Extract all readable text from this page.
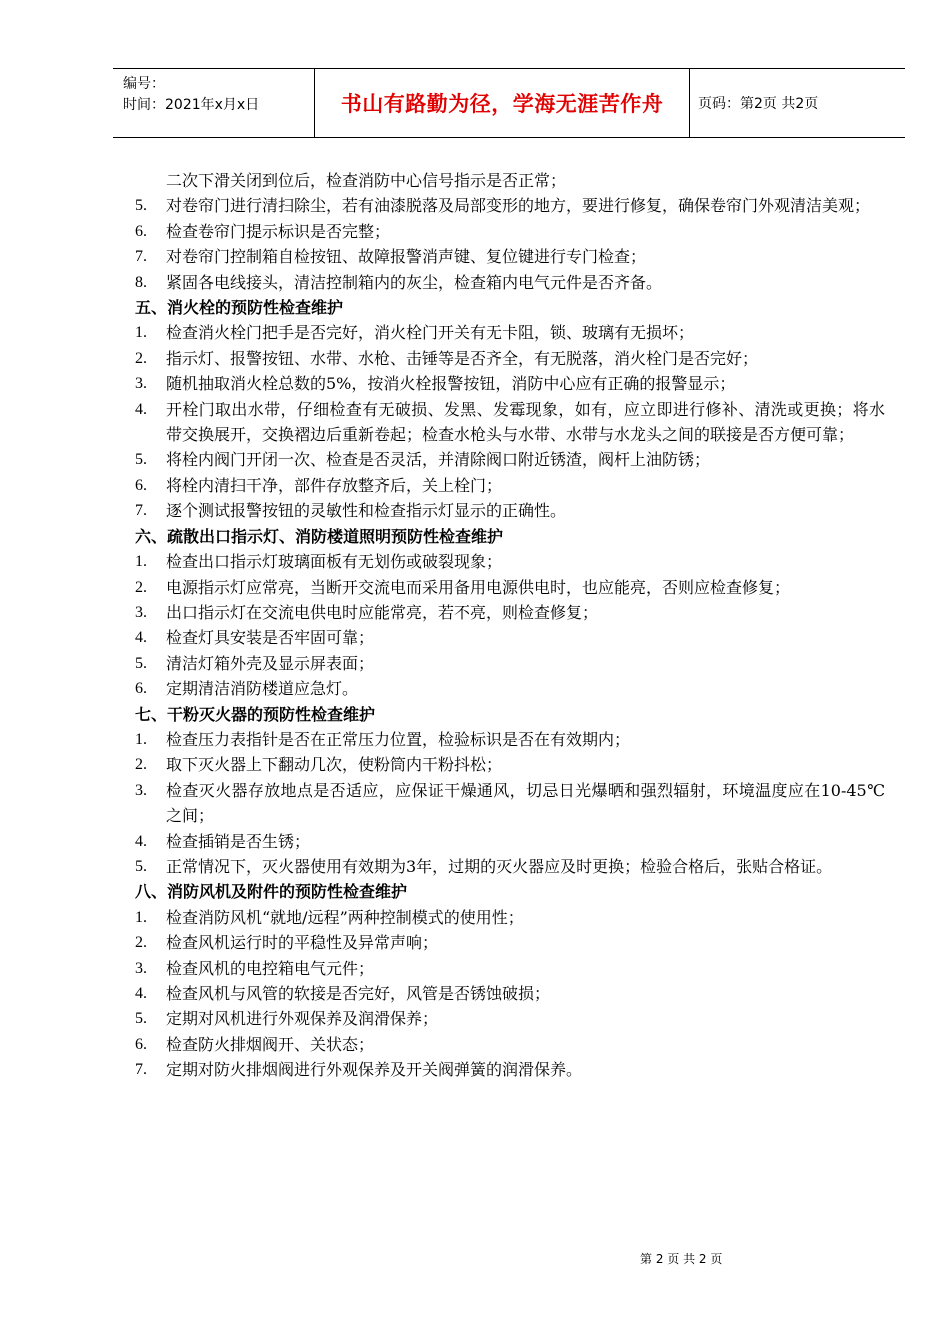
编号：
时间：2021年x月x日	书山有路勤为径，学海无涯苦作舟	页码：第2页 共2页
二次下滑关闭到位后，检查消防中心信号指示是否正常；
5.	对卷帘门进行清扫除尘，若有油漆脱落及局部变形的地方，要进行修复，确保卷帘门外观清洁美观；
6.	检查卷帘门提示标识是否完整；
7.	对卷帘门控制箱自检按钮、故障报警消声键、复位键进行专门检查；
8.	紧固各电线接头，清洁控制箱内的灰尘，检查箱内电气元件是否齐备。
五、消火栓的预防性检查维护
1.	检查消火栓门把手是否完好，消火栓门开关有无卡阻，锁、玻璃有无损坏；
2.	指示灯、报警按钮、水带、水枪、击锤等是否齐全，有无脱落，消火栓门是否完好；
3.	随机抽取消火栓总数的5%，按消火栓报警按钮，消防中心应有正确的报警显示；
4.	开栓门取出水带，仔细检查有无破损、发黑、发霉现象，如有，应立即进行修补、清洗或更换；将水带交换展开，交换褶边后重新卷起；检查水枪头与水带、水带与水龙头之间的联接是否方便可靠；
5.	将栓内阀门开闭一次、检查是否灵活，并清除阀口附近锈渣，阀杆上油防锈；
6.	将栓内清扫干净，部件存放整齐后，关上栓门；
7.	逐个测试报警按钮的灵敏性和检查指示灯显示的正确性。
六、疏散出口指示灯、消防楼道照明预防性检查维护
1.	检查出口指示灯玻璃面板有无划伤或破裂现象；
2.	电源指示灯应常亮，当断开交流电而采用备用电源供电时，也应能亮，否则应检查修复；
3.	出口指示灯在交流电供电时应能常亮，若不亮，则检查修复；
4.	检查灯具安装是否牢固可靠；
5.	清洁灯箱外壳及显示屏表面；
6.	定期清洁消防楼道应急灯。
七、干粉灭火器的预防性检查维护
1.	检查压力表指针是否在正常压力位置，检验标识是否在有效期内；
2.	取下灭火器上下翻动几次，使粉筒内干粉抖松；
3.	检查灭火器存放地点是否适应，应保证干燥通风，切忌日光爆晒和强烈辐射，环境温度应在10-45℃之间；
4.	检查插销是否生锈；
5.	正常情况下，灭火器使用有效期为3年，过期的灭火器应及时更换；检验合格后，张贴合格证。
八、消防风机及附件的预防性检查维护
1.	检查消防风机“就地/远程”两种控制模式的使用性；
2.	检查风机运行时的平稳性及异常声响；
3.	检查风机的电控箱电气元件；
4.	检查风机与风管的软接是否完好，风管是否锈蚀破损；
5.	定期对风机进行外观保养及润滑保养；
6.	检查防火排烟阀开、关状态；
7.	定期对防火排烟阀进行外观保养及开关阀弹簧的润滑保养。
第 2 页 共 2 页
